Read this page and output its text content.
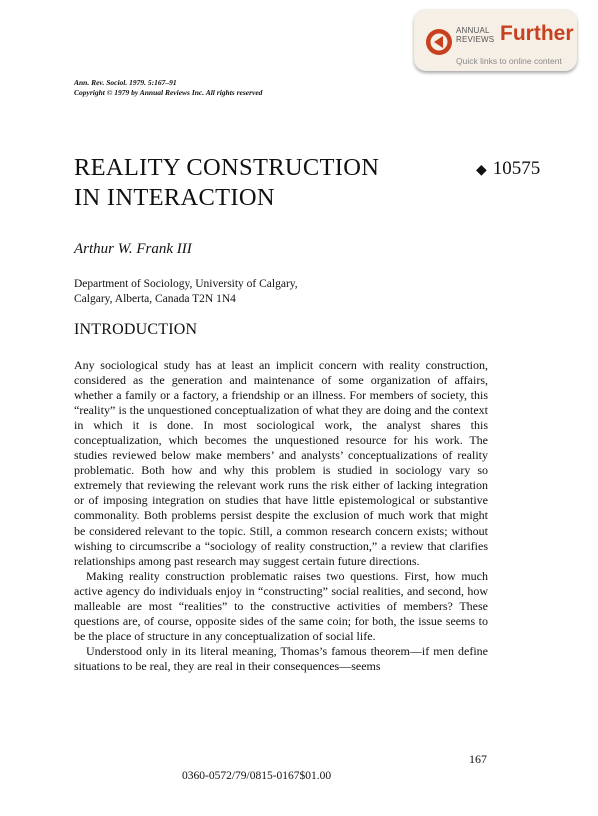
ANNUAL
REVIEWS Further
Quick links to online content
Ann. Rev. Sociol. 1979. 5:167–91
Copyright © 1979 by Annual Reviews Inc. All rights reserved
REALITY CONSTRUCTION
IN INTERACTION
◆ 10575
Arthur W. Frank III
Department of Sociology, University of Calgary,
Calgary, Alberta, Canada T2N 1N4
INTRODUCTION

Any sociological study has at least an implicit concern with reality construction, considered as the generation and maintenance of some organization of affairs, whether a family or a factory, a friendship or an illness. For members of society, this “reality” is the unquestioned conceptualization of what they are doing and the context in which it is done. In most sociological work, the analyst shares this conceptualization, which becomes the unquestioned resource for his work. The studies reviewed below make members’ and analysts’ conceptualizations of reality problematic. Both how and why this problem is studied in sociology vary so extremely that reviewing the relevant work runs the risk either of lacking integration or of imposing integration on studies that have little epistemological or substantive commonality. Both problems persist despite the exclusion of much work that might be considered relevant to the topic. Still, a common research concern exists; without wishing to circumscribe a “sociology of reality construction,” a review that clarifies relationships among past research may suggest certain future directions.

Making reality construction problematic raises two questions. First, how much active agency do individuals enjoy in “constructing” social realities, and second, how malleable are most “realities” to the constructive activities of members? These questions are, of course, opposite sides of the same coin; for both, the issue seems to be the place of structure in any conceptualization of social life.

Understood only in its literal meaning, Thomas’s famous theorem—if men define situations to be real, they are real in their consequences—seems

167
0360-0572/79/0815-0167$01.00
